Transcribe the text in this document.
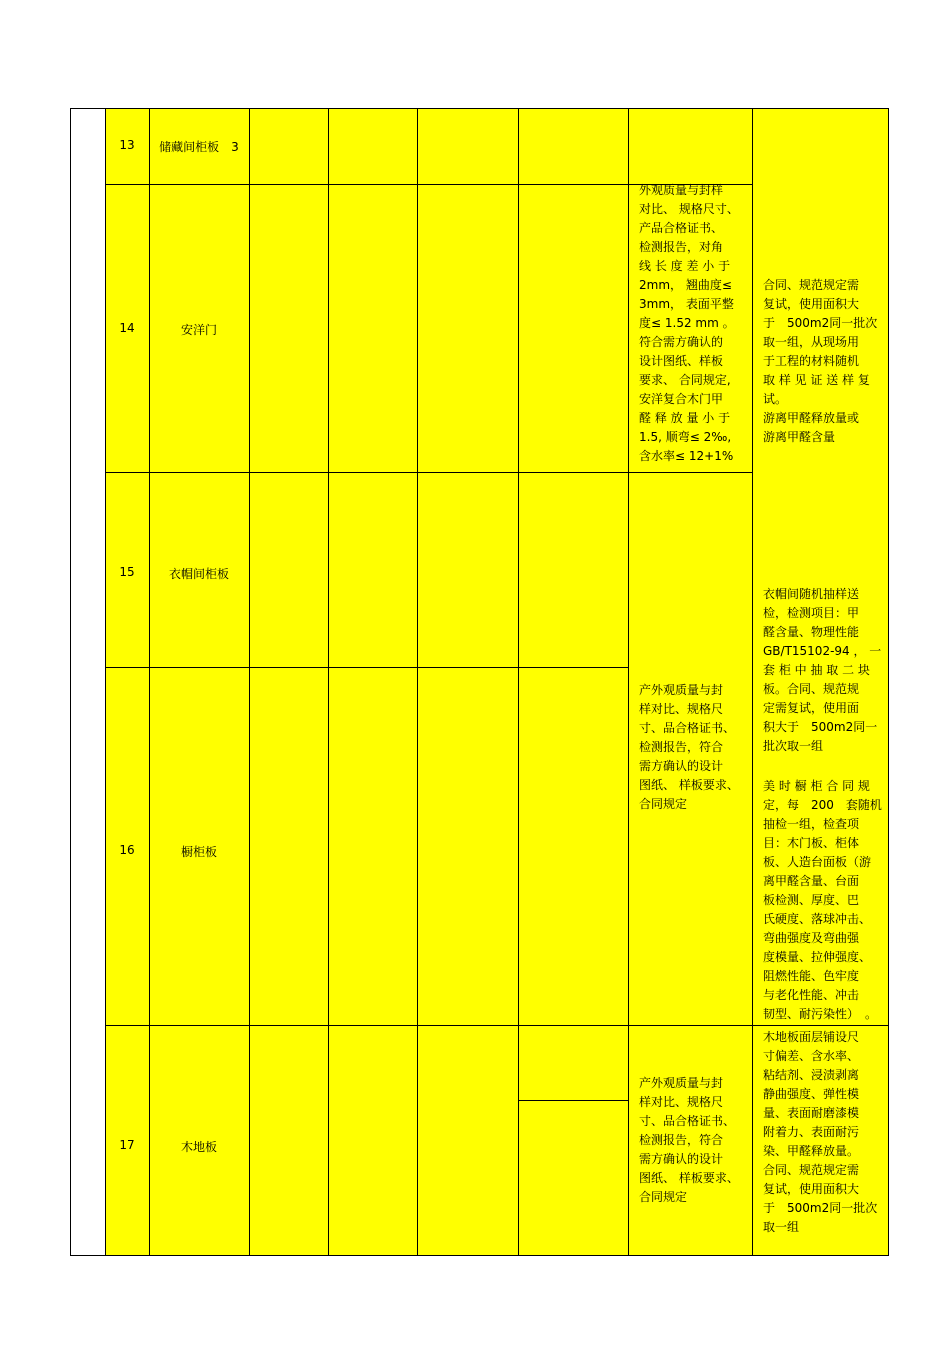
13
14
15
16
17
储藏间柜板　3
安洋门
衣帽间柜板
橱柜板
木地板
外观质量与封样
对比、 规格尺寸、
产品合格证书、
检测报告，对角
线 长 度 差 小 于
2mm， 翘曲度≤
3mm， 表面平整
度≤ 1.52 mm 。
符合需方确认的
设计图纸、样板
要求、 合同规定,
安洋复合木门甲
醛 释 放 量 小 于
1.5, 顺弯≤ 2‰,
含水率≤ 12+1%
产外观质量与封
样对比、规格尺
寸、品合格证书、
检测报告，符合
需方确认的设计
图纸、 样板要求、
合同规定
产外观质量与封
样对比、规格尺
寸、品合格证书、
检测报告，符合
需方确认的设计
图纸、 样板要求、
合同规定
合同、规范规定需
复试，使用面积大
于　500m2同一批次
取一组，从现场用
于工程的材料随机
取 样 见 证 送 样 复
试。
游离甲醛释放量或
游离甲醛含量
衣帽间随机抽样送
检，检测项目：甲
醛含量、物理性能
GB/T15102-94 ， 一
套 柜 中 抽 取 二 块
板。合同、规范规
定需复试，使用面
积大于　500m2同一
批次取一组
美 时 橱 柜 合 同 规
定，每　200　套随机
抽检一组，检查项
目：木门板、柜体
板、人造台面板（游
离甲醛含量、台面
板检测、厚度、巴
氏硬度、落球冲击、
弯曲强度及弯曲强
度模量、拉伸强度、
阻燃性能、色牢度
与老化性能、冲击
韧型、耐污染性）　。
木地板面层铺设尺
寸偏差、含水率、
粘结剂、浸渍剥离
静曲强度、弹性模
量、表面耐磨漆模
附着力、表面耐污
染、甲醛释放量。
合同、规范规定需
复试，使用面积大
于　500m2同一批次
取一组
